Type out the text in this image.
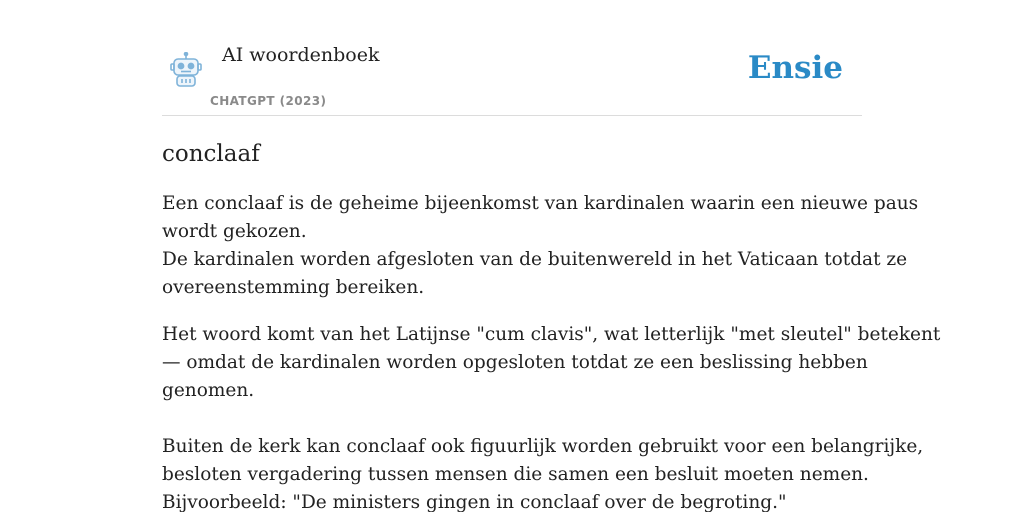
AI woordenboek
CHATGPT (2023)
Ensie
conclaaf

Een conclaaf is de geheime bijeenkomst van kardinalen waarin een nieuwe paus
wordt gekozen.
De kardinalen worden afgesloten van de buitenwereld in het Vaticaan totdat ze
overeenstemming bereiken.

Het woord komt van het Latijnse "cum clavis", wat letterlijk "met sleutel" betekent
— omdat de kardinalen worden opgesloten totdat ze een beslissing hebben
genomen.

Buiten de kerk kan conclaaf ook figuurlijk worden gebruikt voor een belangrijke,
besloten vergadering tussen mensen die samen een besluit moeten nemen.
Bijvoorbeeld: "De ministers gingen in conclaaf over de begroting."
